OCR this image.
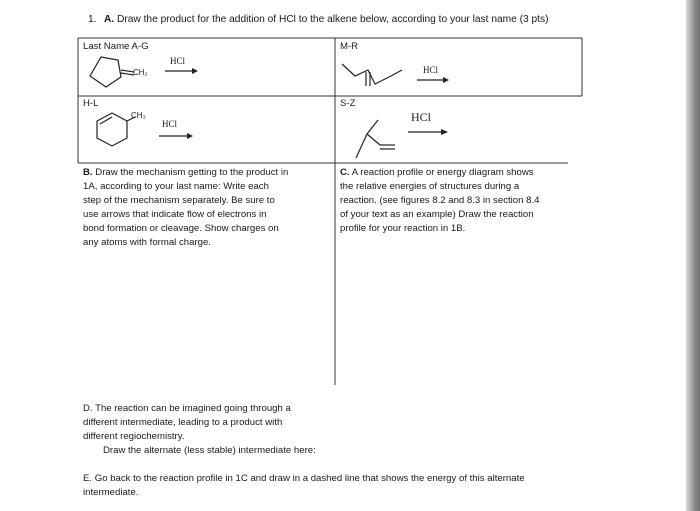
1. A. Draw the product for the addition of HCl to the alkene below, according to your last name (3 pts)
Last Name A-G	M-R
H-L	S-Z
HCl
CH₂	HCl
CH₃
HCl	HCl
B. Draw the mechanism getting to the product in
1A, according to your last name: Write each
step of the mechanism separately. Be sure to
use arrows that indicate flow of electrons in
bond formation or cleavage. Show charges on
any atoms with formal charge.
C. A reaction profile or energy diagram shows
the relative energies of structures during a
reaction. (see figures 8.2 and 8.3 in section 8.4
of your text as an example) Draw the reaction
profile for your reaction in 1B.
D. The reaction can be imagined going through a
different intermediate, leading to a product with
different regiochemistry.
Draw the alternate (less stable) intermediate here:
E. Go back to the reaction profile in 1C and draw in a dashed line that shows the energy of this alternate
intermediate.
